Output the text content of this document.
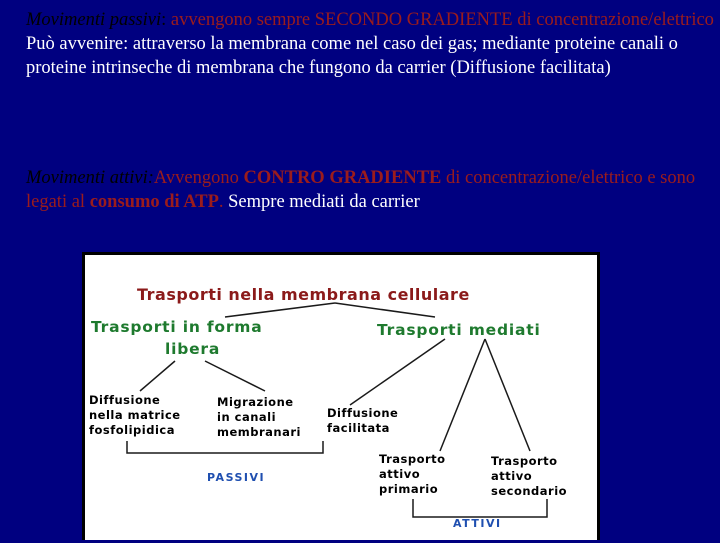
Movimenti passivi: avvengono sempre SECONDO GRADIENTE di concentrazione/elettrico Può avvenire: attraverso la membrana come nel caso dei gas; mediante proteine canali o proteine intrinseche di membrana che fungono da carrier (Diffusione facilitata)
Movimenti attivi:Avvengono CONTRO GRADIENTE di concentrazione/elettrico e sono legati al consumo di ATP. Sempre mediati da carrier
Trasporti nella membrana cellulare
Trasporti in forma
libera
Trasporti mediati
Diffusione
nella matrice
fosfolipidica
Migrazione
in canali
membranari
Diffusione
facilitata
Trasporto
attivo
primario
Trasporto
attivo
secondario
PASSIVI
ATTIVI
